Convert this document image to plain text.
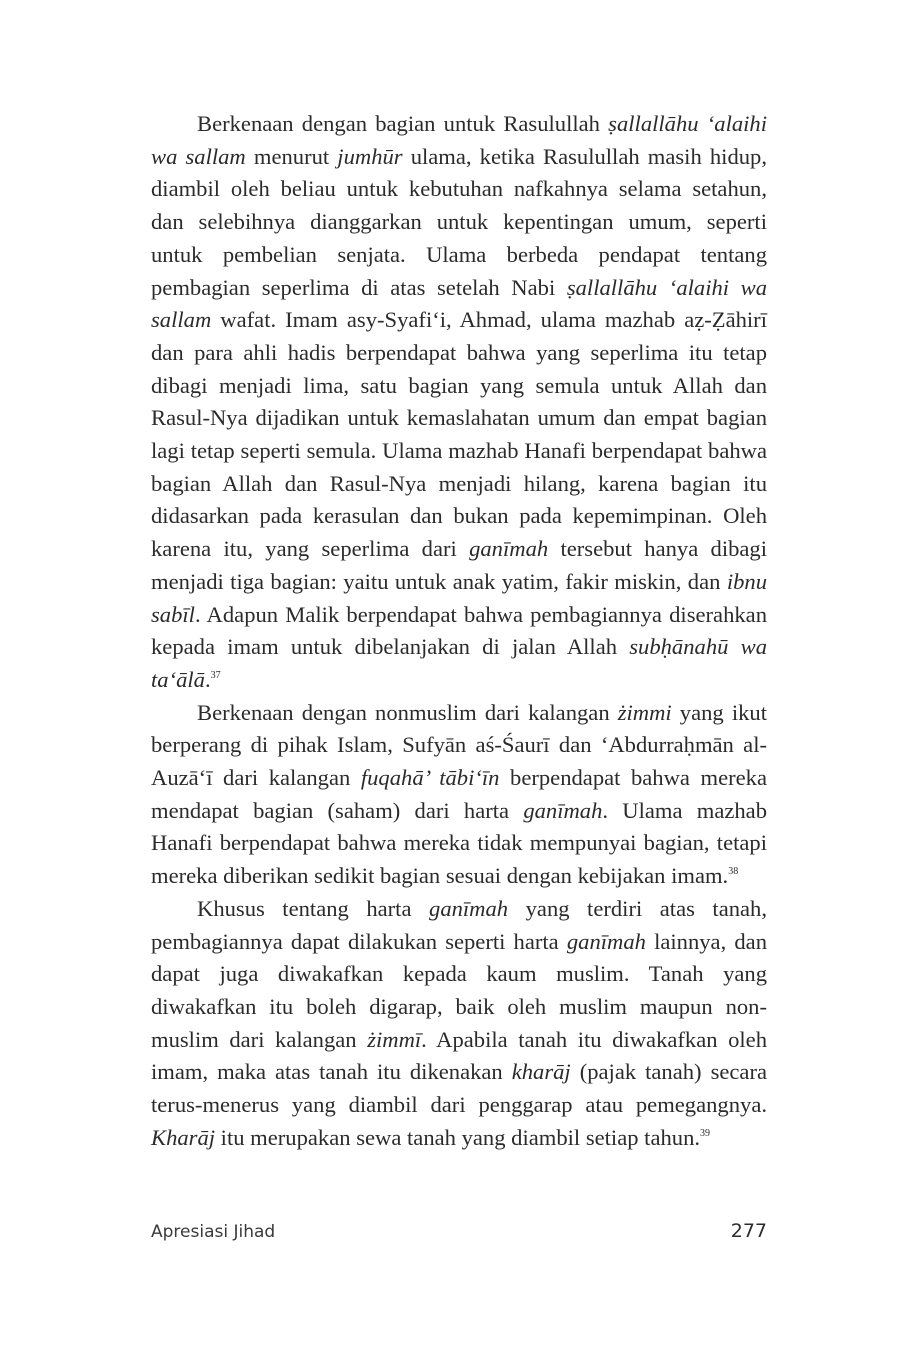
Berkenaan dengan bagian untuk Rasulullah ṣallallāhu ‘alaihi wa sallam menurut jumhūr ulama, ketika Rasulullah masih hidup, diambil oleh beliau untuk kebutuhan nafkahnya selama setahun, dan selebihnya dianggarkan untuk kepentingan umum, seperti untuk pembelian senjata. Ulama berbeda pendapat tentang pembagian seperlima di atas setelah Nabi ṣallallāhu ‘alaihi wa sallam wafat. Imam asy-Syafi‘i, Ahmad, ulama mazhab aẓ-Ẓāhirī dan para ahli hadis berpendapat bahwa yang seperlima itu tetap dibagi menjadi lima, satu bagian yang semula untuk Allah dan Rasul-Nya dijadikan untuk kemaslahatan umum dan empat bagian lagi tetap seperti semula. Ulama mazhab Hanafi berpendapat bahwa bagian Allah dan Rasul-Nya menjadi hilang, karena bagian itu didasarkan pada kerasulan dan bukan pada kepemimpinan. Oleh karena itu, yang seperlima dari ganīmah tersebut hanya dibagi menjadi tiga bagian: yaitu untuk anak yatim, fakir miskin, dan ibnu sabīl. Adapun Malik berpendapat bahwa pembagiannya diserahkan kepada imam untuk dibelanjakan di jalan Allah subḥānahū wa ta‘ālā.$^{37}$

Berkenaan dengan nonmuslim dari kalangan żimmi yang ikut berperang di pihak Islam, Sufyān aś-Śaurī dan ‘Abdurraḥmān al-Auzā‘ī dari kalangan fuqahā’ tābi‘īn berpendapat bahwa mereka mendapat bagian (saham) dari harta ganīmah. Ulama mazhab Hanafi berpendapat bahwa mereka tidak mempunyai bagian, tetapi mereka diberikan sedikit bagian sesuai dengan kebijakan imam.$^{38}$

Khusus tentang harta ganīmah yang terdiri atas tanah, pembagiannya dapat dilakukan seperti harta ganīmah lainnya, dan dapat juga diwakafkan kepada kaum muslim. Tanah yang diwakafkan itu boleh digarap, baik oleh muslim maupun nonmuslim dari kalangan żimmī. Apabila tanah itu diwakafkan oleh imam, maka atas tanah itu dikenakan kharāj (pajak tanah) secara terus-menerus yang diambil dari penggarap atau pemegangnya. Kharāj itu merupakan sewa tanah yang diambil setiap tahun.$^{39}$

Apresiasi Jihad	277
